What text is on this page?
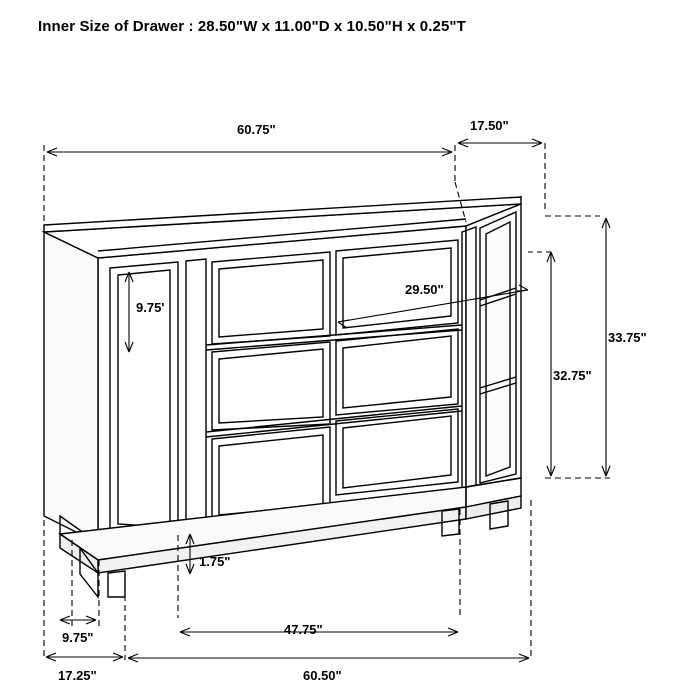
Inner Size of Drawer : 28.50"W x 11.00"D x 10.50"H x 0.25"T
60.75"	17.50"
9.75'
29.50"
33.75"
32.75"
1.75"
9.75"
47.75"
17.25"	60.50"
